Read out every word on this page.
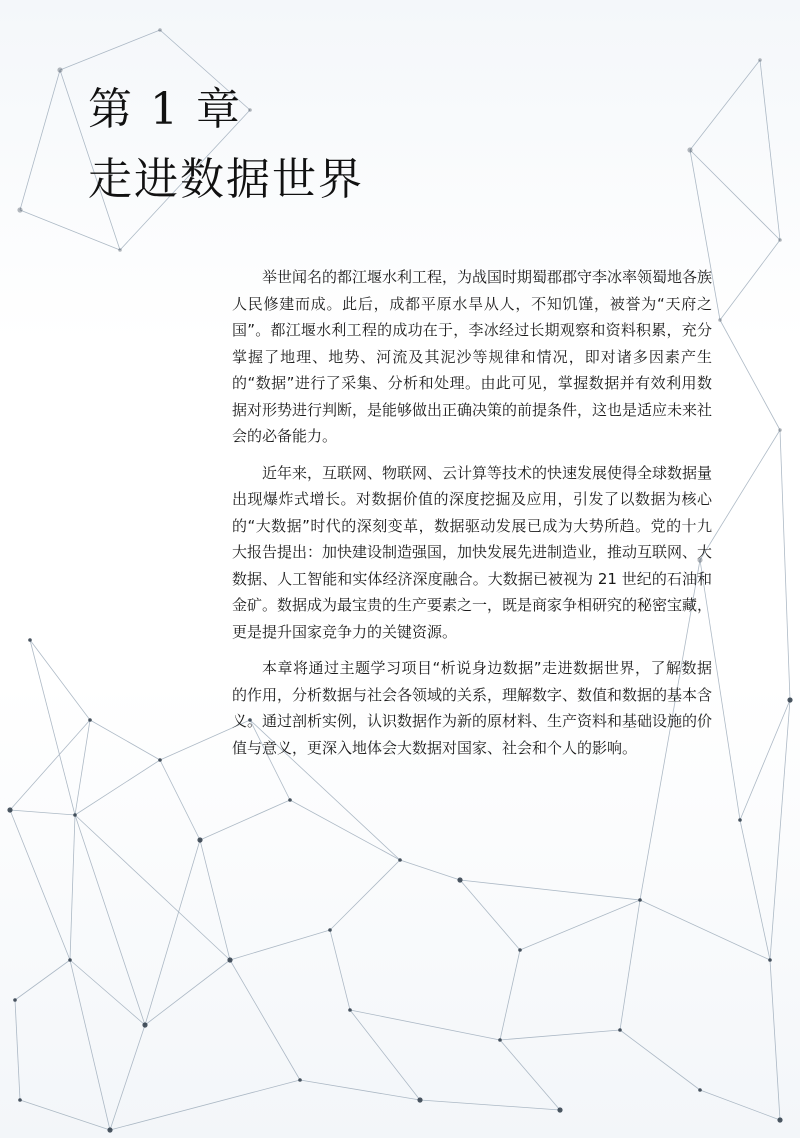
第 1 章
走进数据世界

举世闻名的都江堰水利工程，为战国时期蜀郡郡守李冰率领蜀地各族人民修建而成。此后，成都平原水旱从人，不知饥馑，被誉为“天府之国”。都江堰水利工程的成功在于，李冰经过长期观察和资料积累，充分掌握了地理、地势、河流及其泥沙等规律和情况，即对诸多因素产生的“数据”进行了采集、分析和处理。由此可见，掌握数据并有效利用数据对形势进行判断，是能够做出正确决策的前提条件，这也是适应未来社会的必备能力。

近年来，互联网、物联网、云计算等技术的快速发展使得全球数据量出现爆炸式增长。对数据价值的深度挖掘及应用，引发了以数据为核心的“大数据”时代的深刻变革，数据驱动发展已成为大势所趋。党的十九大报告提出：加快建设制造强国，加快发展先进制造业，推动互联网、大数据、人工智能和实体经济深度融合。大数据已被视为 21 世纪的石油和金矿。数据成为最宝贵的生产要素之一，既是商家争相研究的秘密宝藏，更是提升国家竞争力的关键资源。

本章将通过主题学习项目“析说身边数据”走进数据世界，了解数据的作用，分析数据与社会各领域的关系，理解数字、数值和数据的基本含义。通过剖析实例，认识数据作为新的原材料、生产资料和基础设施的价值与意义，更深入地体会大数据对国家、社会和个人的影响。
